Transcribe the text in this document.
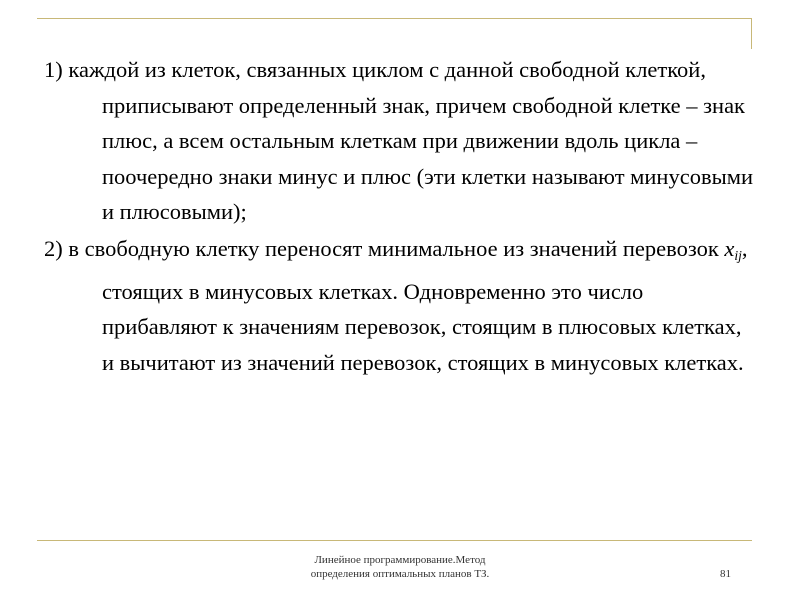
1) каждой из клеток, связанных циклом с данной свободной клеткой, приписывают определенный знак, причем свободной клетке – знак плюс, а всем остальным клеткам при движении вдоль цикла – поочередно знаки минус и плюс (эти клетки называют минусовыми и плюсовыми);

2) в свободную клетку переносят минимальное из значений перевозок $x_{ij}$, стоящих в минусовых клетках. Одновременно это число прибавляют к значениям перевозок, стоящим в плюсовых клетках, и вычитают из значений перевозок, стоящих в минусовых клетках.

Линейное программирование.Метод
определения оптимальных планов ТЗ.	81
